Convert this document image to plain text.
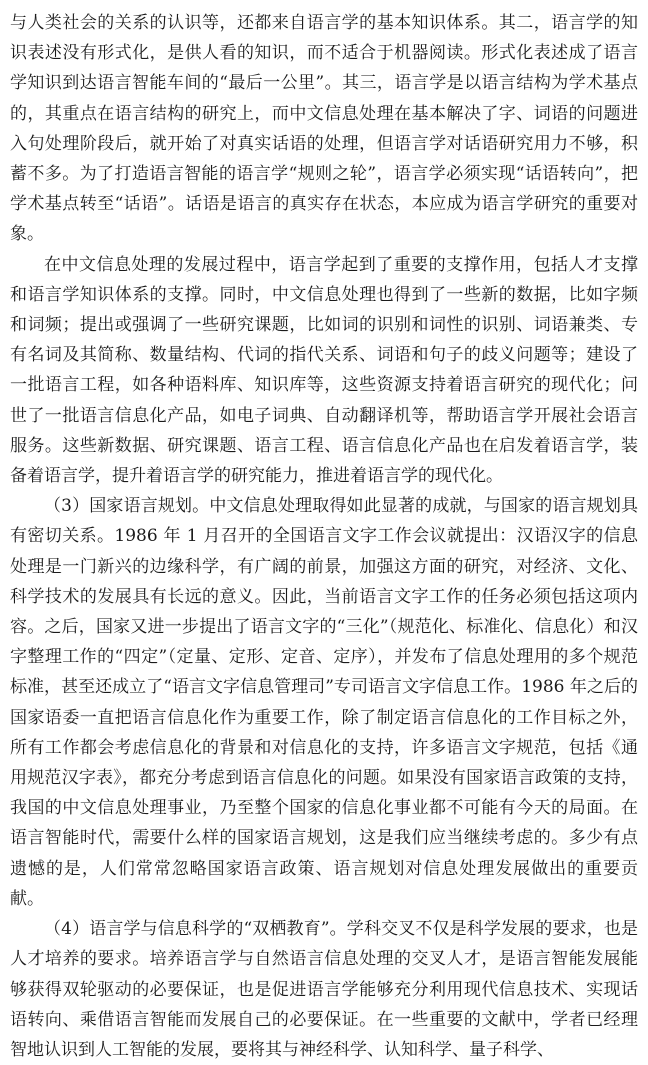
与人类社会的关系的认识等，还都来自语言学的基本知识体系。其二，语言学的知识表述没有形式化，是供人看的知识，而不适合于机器阅读。形式化表述成了语言学知识到达语言智能车间的“最后一公里”。其三，语言学是以语言结构为学术基点的，其重点在语言结构的研究上，而中文信息处理在基本解决了字、词语的问题进入句处理阶段后，就开始了对真实话语的处理，但语言学对话语研究用力不够，积蓄不多。为了打造语言智能的语言学“规则之轮”，语言学必须实现“话语转向”，把学术基点转至“话语”。话语是语言的真实存在状态，本应成为语言学研究的重要对象。

在中文信息处理的发展过程中，语言学起到了重要的支撑作用，包括人才支撑和语言学知识体系的支撑。同时，中文信息处理也得到了一些新的数据，比如字频和词频；提出或强调了一些研究课题，比如词的识别和词性的识别、词语兼类、专有名词及其简称、数量结构、代词的指代关系、词语和句子的歧义问题等；建设了一批语言工程，如各种语料库、知识库等，这些资源支持着语言研究的现代化；问世了一批语言信息化产品，如电子词典、自动翻译机等，帮助语言学开展社会语言服务。这些新数据、研究课题、语言工程、语言信息化产品也在启发着语言学，装备着语言学，提升着语言学的研究能力，推进着语言学的现代化。

（3）国家语言规划。中文信息处理取得如此显著的成就，与国家的语言规划具有密切关系。1986 年 1 月召开的全国语言文字工作会议就提出：汉语汉字的信息处理是一门新兴的边缘科学，有广阔的前景，加强这方面的研究，对经济、文化、科学技术的发展具有长远的意义。因此，当前语言文字工作的任务必须包括这项内容。之后，国家又进一步提出了语言文字的“三化”（规范化、标准化、信息化）和汉字整理工作的“四定”（定量、定形、定音、定序），并发布了信息处理用的多个规范标准，甚至还成立了“语言文字信息管理司”专司语言文字信息工作。1986 年之后的国家语委一直把语言信息化作为重要工作，除了制定语言信息化的工作目标之外，所有工作都会考虑信息化的背景和对信息化的支持，许多语言文字规范，包括《通用规范汉字表》，都充分考虑到语言信息化的问题。如果没有国家语言政策的支持，我国的中文信息处理事业，乃至整个国家的信息化事业都不可能有今天的局面。在语言智能时代，需要什么样的国家语言规划，这是我们应当继续考虑的。多少有点遗憾的是，人们常常忽略国家语言政策、语言规划对信息处理发展做出的重要贡献。

（4）语言学与信息科学的“双栖教育”。学科交叉不仅是科学发展的要求，也是人才培养的要求。培养语言学与自然语言信息处理的交叉人才，是语言智能发展能够获得双轮驱动的必要保证，也是促进语言学能够充分利用现代信息技术、实现话语转向、乘借语言智能而发展自己的必要保证。在一些重要的文献中，学者已经理智地认识到人工智能的发展，要将其与神经科学、认知科学、量子科学、
